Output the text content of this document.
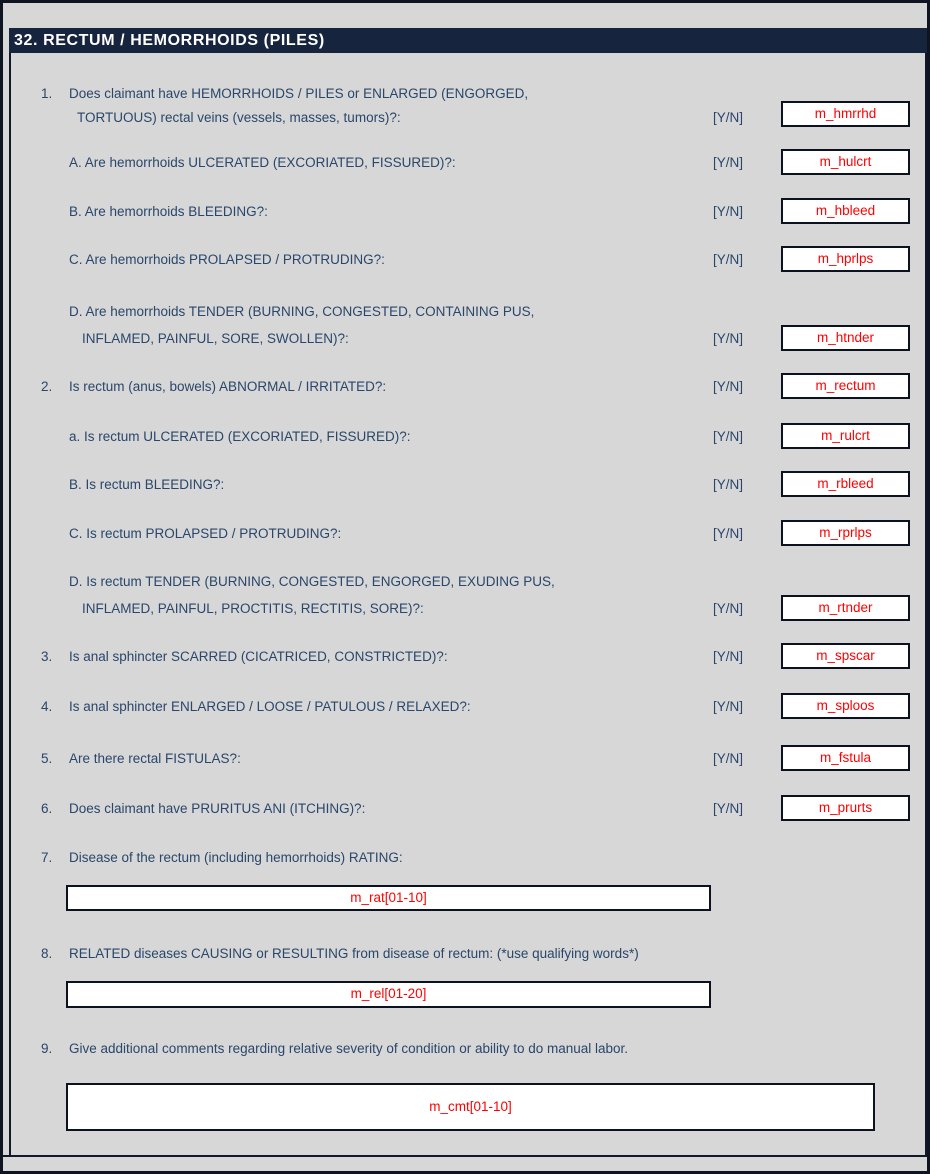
32. RECTUM / HEMORRHOIDS (PILES)
1. Does claimant have HEMORRHOIDS / PILES or ENLARGED (ENGORGED,
TORTUOUS) rectal veins (vessels, masses, tumors)?:	[Y/N]	m_hmrrhd
A. Are hemorrhoids ULCERATED (EXCORIATED, FISSURED)?:	[Y/N]	m_hulcrt
B. Are hemorrhoids BLEEDING?:	[Y/N]	m_hbleed
C. Are hemorrhoids PROLAPSED / PROTRUDING?:	[Y/N]	m_hprlps
D. Are hemorrhoids TENDER (BURNING, CONGESTED, CONTAINING PUS,
INFLAMED, PAINFUL, SORE, SWOLLEN)?:	[Y/N]	m_htnder
2. Is rectum (anus, bowels) ABNORMAL / IRRITATED?:	[Y/N]	m_rectum
a. Is rectum ULCERATED (EXCORIATED, FISSURED)?:	[Y/N]	m_rulcrt
B. Is rectum BLEEDING?:	[Y/N]	m_rbleed
C. Is rectum PROLAPSED / PROTRUDING?:	[Y/N]	m_rprlps
D. Is rectum TENDER (BURNING, CONGESTED, ENGORGED, EXUDING PUS,
INFLAMED, PAINFUL, PROCTITIS, RECTITIS, SORE)?:	[Y/N]	m_rtnder
3. Is anal sphincter SCARRED (CICATRICED, CONSTRICTED)?:	[Y/N]	m_spscar
4. Is anal sphincter ENLARGED / LOOSE / PATULOUS / RELAXED?:	[Y/N]	m_sploos
5. Are there rectal FISTULAS?:	[Y/N]	m_fstula
6. Does claimant have PRURITUS ANI (ITCHING)?:	[Y/N]	m_prurts
7. Disease of the rectum (including hemorrhoids) RATING:
m_rat[01-10]
8. RELATED diseases CAUSING or RESULTING from disease of rectum: (*use qualifying words*)
m_rel[01-20]
9. Give additional comments regarding relative severity of condition or ability to do manual labor.
m_cmt[01-10]
